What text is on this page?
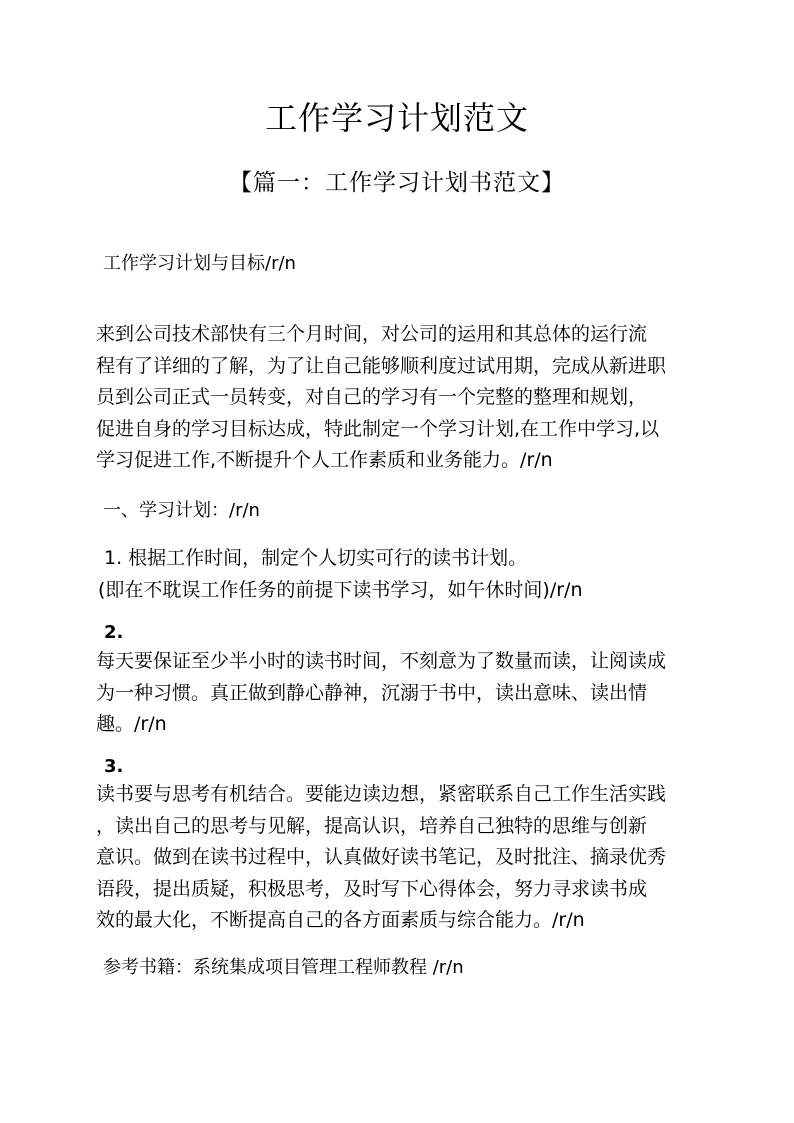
工作学习计划范文
【篇一：工作学习计划书范文】
工作学习计划与目标/r/n
来到公司技术部快有三个月时间，对公司的运用和其总体的运行流
程有了详细的了解，为了让自己能够顺利度过试用期，完成从新进职
员到公司正式一员转变，对自己的学习有一个完整的整理和规划，
促进自身的学习目标达成，特此制定一个学习计划,在工作中学习,以
学习促进工作,不断提升个人工作素质和业务能力。/r/n
一、学习计划：/r/n
1. 根据工作时间，制定个人切实可行的读书计划。
(即在不耽误工作任务的前提下读书学习，如午休时间)/r/n
2.
每天要保证至少半小时的读书时间，不刻意为了数量而读，让阅读成
为一种习惯。真正做到静心静神，沉溺于书中，读出意味、读出情
趣。/r/n
3.
读书要与思考有机结合。要能边读边想，紧密联系自己工作生活实践
，读出自己的思考与见解，提高认识，培养自己独特的思维与创新
意识。做到在读书过程中，认真做好读书笔记，及时批注、摘录优秀
语段，提出质疑，积极思考，及时写下心得体会，努力寻求读书成
效的最大化，不断提高自己的各方面素质与综合能力。/r/n
参考书籍：系统集成项目管理工程师教程 /r/n
